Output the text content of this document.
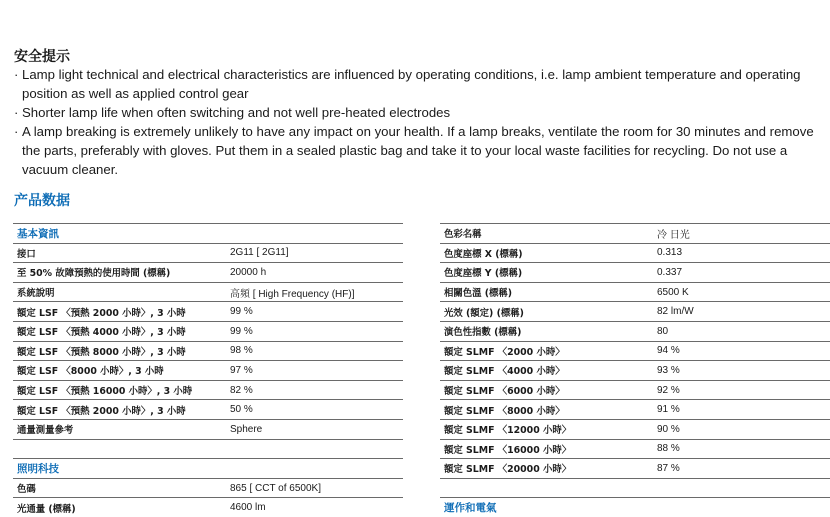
安全提示
· Lamp light technical and electrical characteristics are influenced by operating conditions, i.e. lamp ambient temperature and operating position as well as applied control gear
· Shorter lamp life when often switching and not well pre-heated electrodes
· A lamp breaking is extremely unlikely to have any impact on your health. If a lamp breaks, ventilate the room for 30 minutes and remove the parts, preferably with gloves. Put them in a sealed plastic bag and take it to your local waste facilities for recycling. Do not use a vacuum cleaner.
产品数据
基本資訊
接口	2G11 [ 2G11]
至 50% 故障預熱的使用時間 (標稱)	20000 h
系統說明	高頻 [ High Frequency (HF)]
額定 LSF 〈預熱 2000 小時〉, 3 小時	99 %
額定 LSF 〈預熱 4000 小時〉, 3 小時	99 %
額定 LSF 〈預熱 8000 小時〉, 3 小時	98 %
額定 LSF 〈8000 小時〉, 3 小時	97 %
額定 LSF 〈預熱 16000 小時〉, 3 小時	82 %
額定 LSF 〈預熱 2000 小時〉, 3 小時	50 %
通量測量參考	Sphere
照明科技
色碼	865 [ CCT of 6500K]
光通量 (標稱)	4600 lm
色彩名稱	冷 日光
色度座標 X (標稱)	0.313
色度座標 Y (標稱)	0.337
相關色溫 (標稱)	6500 K
光效 (額定) (標稱)	82 lm/W
演色性指數 (標稱)	80
額定 SLMF 〈2000 小時〉	94 %
額定 SLMF 〈4000 小時〉	93 %
額定 SLMF 〈6000 小時〉	92 %
額定 SLMF 〈8000 小時〉	91 %
額定 SLMF 〈12000 小時〉	90 %
額定 SLMF 〈16000 小時〉	88 %
額定 SLMF 〈20000 小時〉	87 %
運作和電氣
